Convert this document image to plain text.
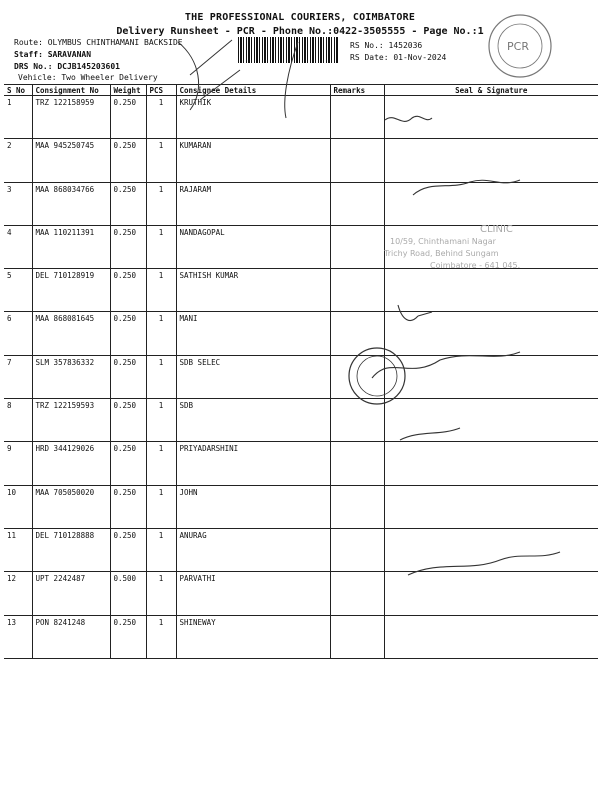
THE PROFESSIONAL COURIERS, COIMBATORE
Delivery Runsheet - PCR - Phone No.:0422-3505555 - Page No.:1
Route: OLYMBUS CHINTHAMANI BACKSIDE
Staff: SARAVANAN
DRS No.: DCJB145203601
Vehicle: Two Wheeler Delivery
RS No.: 1452036
RS Date: 01-Nov-2024
S No	Consignment No	Weight	PCS	Consignee Details	Remarks	Seal & Signature
1	TRZ 122158959	0.250	1	KRUTHIK		
2	MAA 945250745	0.250	1	KUMARAN		
3	MAA 868034766	0.250	1	RAJARAM		
4	MAA 110211391	0.250	1	NANDAGOPAL		
5	DEL 710128919	0.250	1	SATHISH KUMAR		
6	MAA 868081645	0.250	1	MANI		
7	SLM 357836332	0.250	1	SDB SELEC		
8	TRZ 122159593	0.250	1	SDB		
9	HRD 344129026	0.250	1	PRIYADARSHINI		
10	MAA 705050020	0.250	1	JOHN		
11	DEL 710128888	0.250	1	ANURAG		
12	UPT 2242487	0.500	1	PARVATHI		
13	PON 8241248	0.250	1	SHINEWAY		
PCR
9894350024
Stella
S.Lal
9944323373
CLINIC
10/59, Chinthamani Nagar
Trichy Road, Behind Sungam
Coimbatore - 641 045.
D/C
9500293316
NIP
Dhanalakshmi
9566733207
